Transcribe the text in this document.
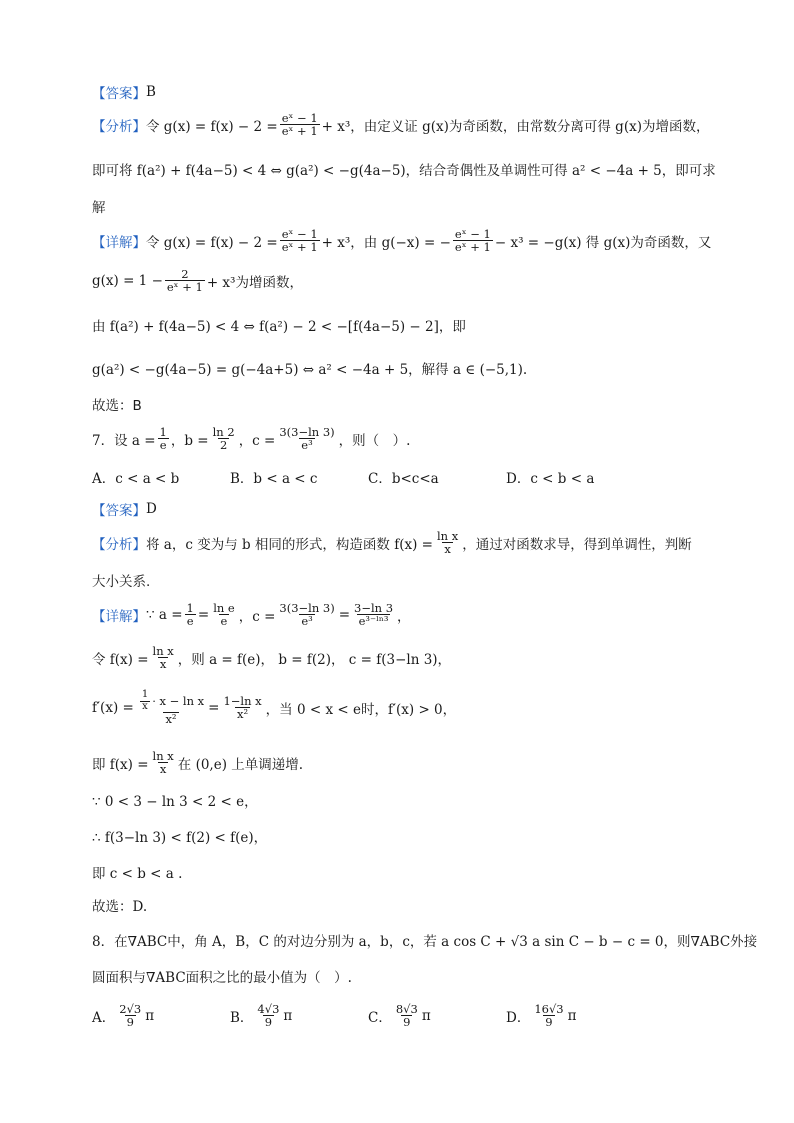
【答案】 B
【分析】 令 $g(x) = f(x) - 2 = \frac{\text{eˣ − 1}}{\text{eˣ + 1}} + x^3$，由定义证 g(x)为奇函数，由常数分离可得 g(x)为增函数，
即可将 f(a²) + f(4a−5) < 4 ⇔ g(a²) < −g(4a−5)，结合奇偶性及单调性可得 a² < −4a + 5，即可求
解
【详解】 令 $g(x) = f(x) - 2 = \frac{\text{eˣ − 1}}{\text{eˣ + 1}} + x^3$，由 g(−x) = − $\frac{\text{eˣ − 1}}{\text{eˣ + 1}} - x^3 = -g(x)$ 得 g(x)为奇函数，又
$g(x) = 1 - \frac{2}{\text{eˣ + 1}} + x^3$为增函数，
由 f(a²) + f(4a−5) < 4 ⇔ f(a²) − 2 < −[f(4a−5) − 2]，即
g(a²) < −g(4a−5) = g(−4a+5) ⇔ a² < −4a + 5，解得 a ∈ (−5,1).
故选：B
7．设 $a = \frac{1}{e}$ ，$b = \frac{\ln 2}{2}$ ，$c = \frac{3(3-\ln 3)}{\text{e³}}$ ，则（　）.
A．c < a < b	B．b < a < c	C．b<c<a	D．c < b < a
【答案】 D
【分析】 将 a，c 变为与 b 相同的形式，构造函数 $f(x) = \frac{\text{ln x}}{x}$ ，通过对函数求导，得到单调性，判断
大小关系.
【详解】 ∵ $a = \frac{1}{e} = \frac{\text{ln e}}{e}$ ，$c = \frac{3(3-\ln 3)}{\text{e³}} = \frac{3-\ln 3}{\text{e³⁻ˡⁿ³}}$ ，
令 $f(x) = \frac{\text{ln x}}{x}$ ，则 a = f(e)， b = f(2)， c = f(3−ln 3)，
$f'(x) = \frac{\frac{1}{x} \cdot x - \ln x}{\text{x²}} = \frac{\text{1−ln x}}{\text{x²}}$ ，当 0 < x < e时，f′(x) > 0，
即 $f(x) = \frac{\text{ln x}}{x}$ 在 (0,e) 上单调递增.
∵ 0 < 3 − ln 3 < 2 < e，
∴ f(3−ln 3) < f(2) < f(e)，
即 c < b < a .
故选：D.
8．在∇ABC中，角 A，B，C 的对边分别为 a，b，c，若 a cos C + √3 a sin C − b − c = 0，则∇ABC外接
圆面积与∇ABC面积之比的最小值为（　）.
A． $\frac{2√3}{9}$ π	B． $\frac{4√3}{9}$ π	C． $\frac{8√3}{9}$ π	D． $\frac{16√3}{9}$ π
